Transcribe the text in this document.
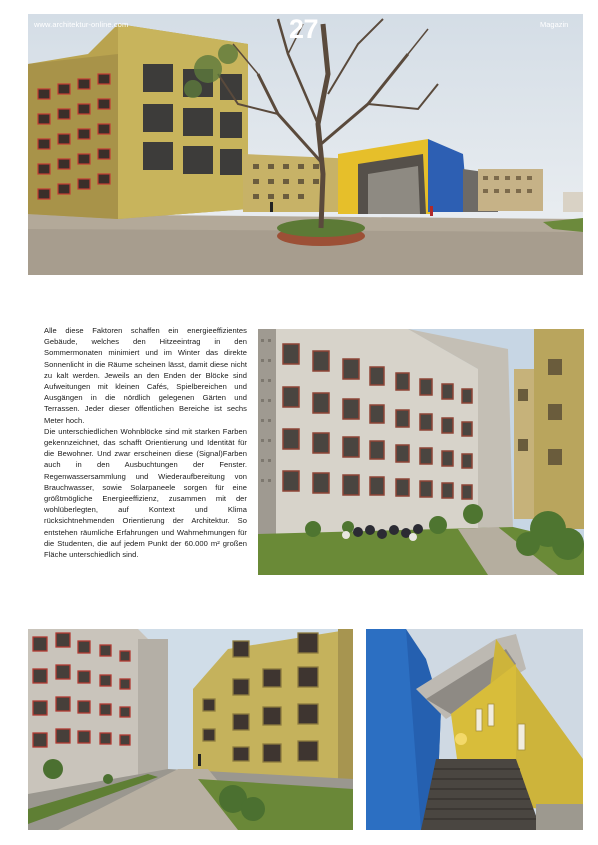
www.architektur-online.com	27	Magazin

Alle diese Faktoren schaffen ein energieeffizientes Gebäude, welches den Hitzeeintrag in den Sommermonaten minimiert und im Winter das direkte Sonnenlicht in die Räume scheinen lässt, damit diese nicht zu kalt werden. Jeweils an den Enden der Blöcke sind Aufweitungen mit kleinen Cafés, Spielbereichen und Ausgängen in die nördlich gelegenen Gärten und Terrassen. Jeder dieser öffentlichen Bereiche ist sechs Meter hoch.

Die unterschiedlichen Wohnblöcke sind mit starken Farben gekennzeichnet, das schafft Orientierung und Identität für die Bewohner. Und zwar erscheinen diese (Signal)Farben auch in den Ausbuchtungen der Fenster. Regenwassersammlung und Wiederaufbereitung von Brauchwasser, sowie Solarpaneele sorgen für eine größtmögliche Energieeffizienz, zusammen mit der wohlüberlegten, auf Kontext und Klima rücksichtnehmenden Orientierung der Architektur. So entstehen räumliche Erfahrungen und Wahrnehmungen für die Studenten, die auf jedem Punkt der 60.000 m² großen Fläche unterschiedlich sind.
